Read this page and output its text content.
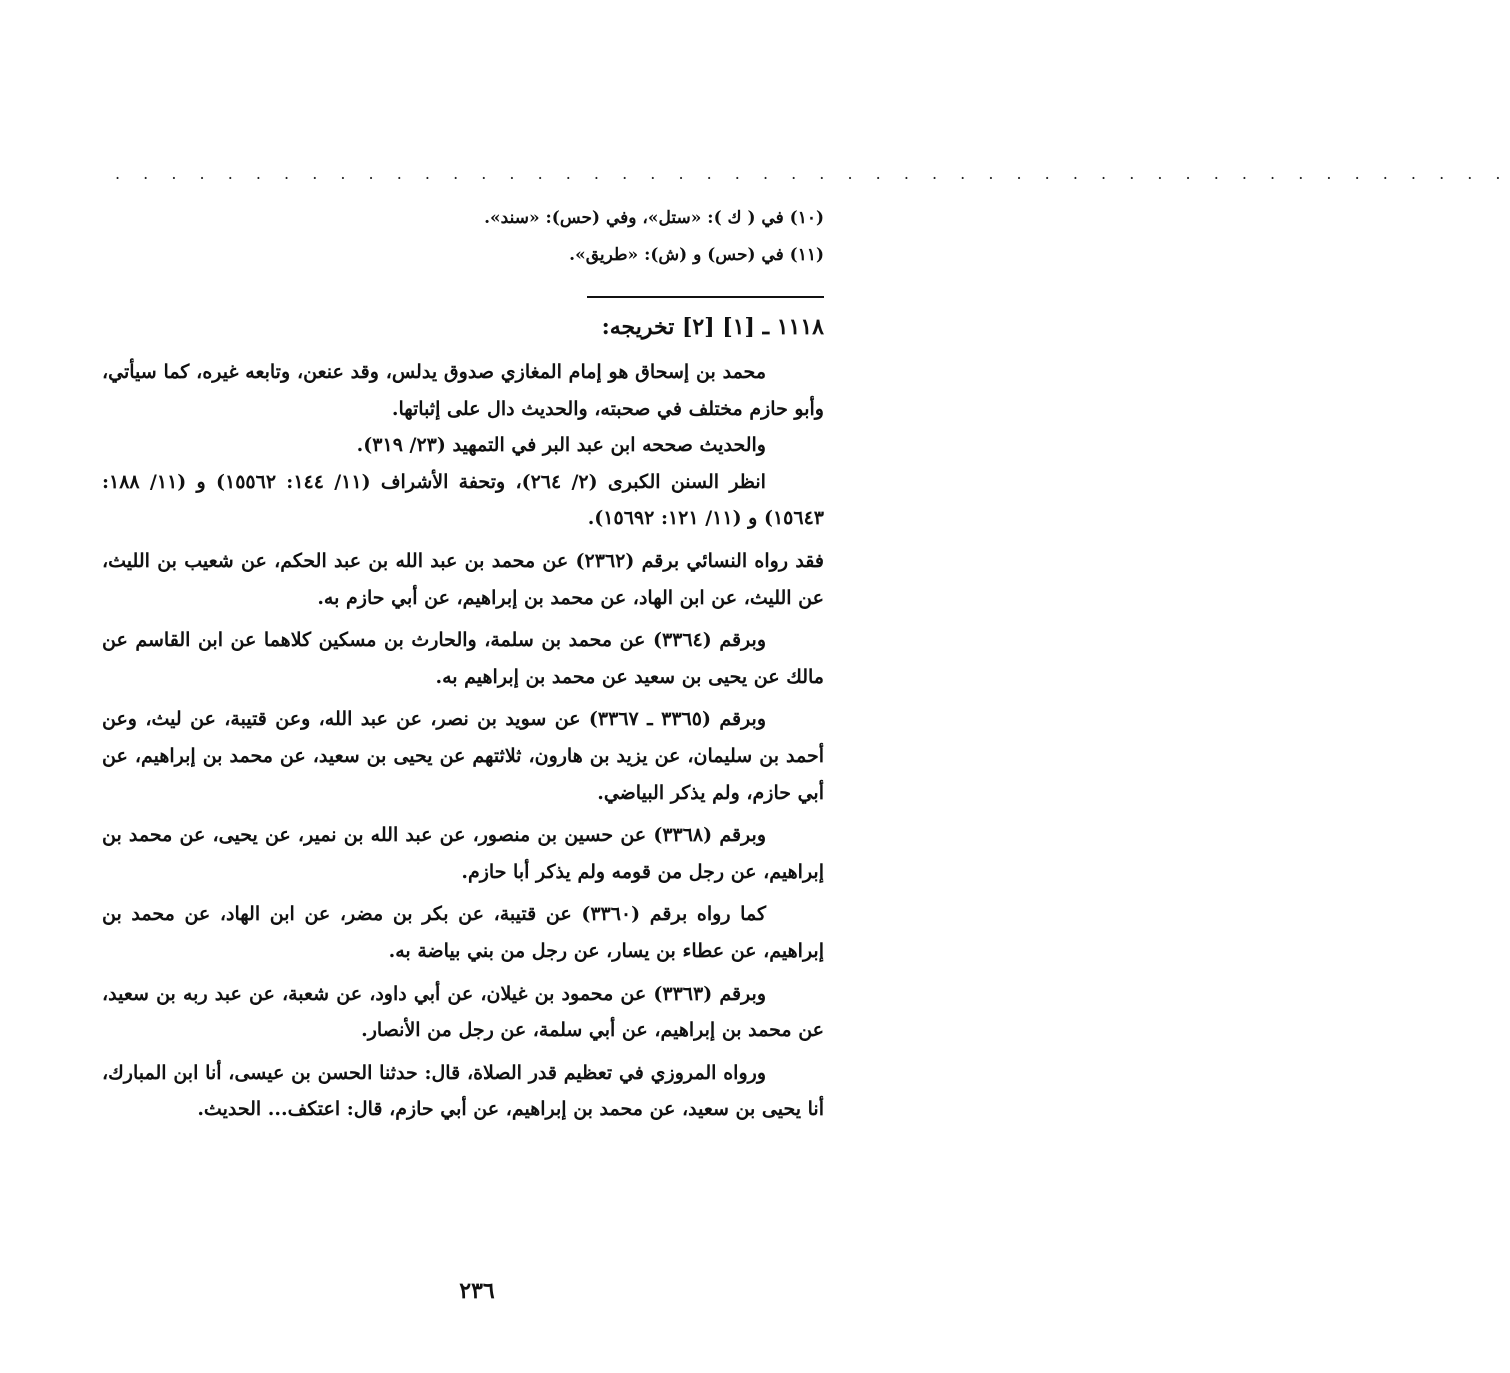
. . . . . . . . . . . . . . . . . . . . . . . . . . . . . . . . . . . . . . . . . . . . . . . . . .
(١٠) في ( ك ): «ستل»، وفي (حس): «سند».
(١١) في (حس) و (ش): «طريق».
١١١٨ ـ [١] [٢] تخريجه:

محمد بن إسحاق هو إمام المغازي صدوق يدلس، وقد عنعن، وتابعه غيره، كما سيأتي، وأبو حازم مختلف في صحبته، والحديث دال على إثباتها.

والحديث صححه ابن عبد البر في التمهيد (٢٣/ ٣١٩).

انظر السنن الكبرى (٢/ ٢٦٤)، وتحفة الأشراف (١١/ ١٤٤: ١٥٥٦٢) و (١١/ ١٨٨: ١٥٦٤٣) و (١١/ ١٢١: ١٥٦٩٢).

فقد رواه النسائي برقم (٢٣٦٢) عن محمد بن عبد الله بن عبد الحكم، عن شعيب بن الليث، عن الليث، عن ابن الهاد، عن محمد بن إبراهيم، عن أبي حازم به.

وبرقم (٣٣٦٤) عن محمد بن سلمة، والحارث بن مسكين كلاهما عن ابن القاسم عن مالك عن يحيى بن سعيد عن محمد بن إبراهيم به.

وبرقم (٣٣٦٥ ـ ٣٣٦٧) عن سويد بن نصر، عن عبد الله، وعن قتيبة، عن ليث، وعن أحمد بن سليمان، عن يزيد بن هارون، ثلاثتهم عن يحيى بن سعيد، عن محمد بن إبراهيم، عن أبي حازم، ولم يذكر البياضي.

وبرقم (٣٣٦٨) عن حسين بن منصور، عن عبد الله بن نمير، عن يحيى، عن محمد بن إبراهيم، عن رجل من قومه ولم يذكر أبا حازم.

كما رواه برقم (٣٣٦٠) عن قتيبة، عن بكر بن مضر، عن ابن الهاد، عن محمد بن إبراهيم، عن عطاء بن يسار، عن رجل من بني بياضة به.

وبرقم (٣٣٦٣) عن محمود بن غيلان، عن أبي داود، عن شعبة، عن عبد ربه بن سعيد، عن محمد بن إبراهيم، عن أبي سلمة، عن رجل من الأنصار.

ورواه المروزي في تعظيم قدر الصلاة، قال: حدثنا الحسن بن عيسى، أنا ابن المبارك، أنا يحيى بن سعيد، عن محمد بن إبراهيم، عن أبي حازم، قال: اعتكف... الحديث.

٢٣٦
